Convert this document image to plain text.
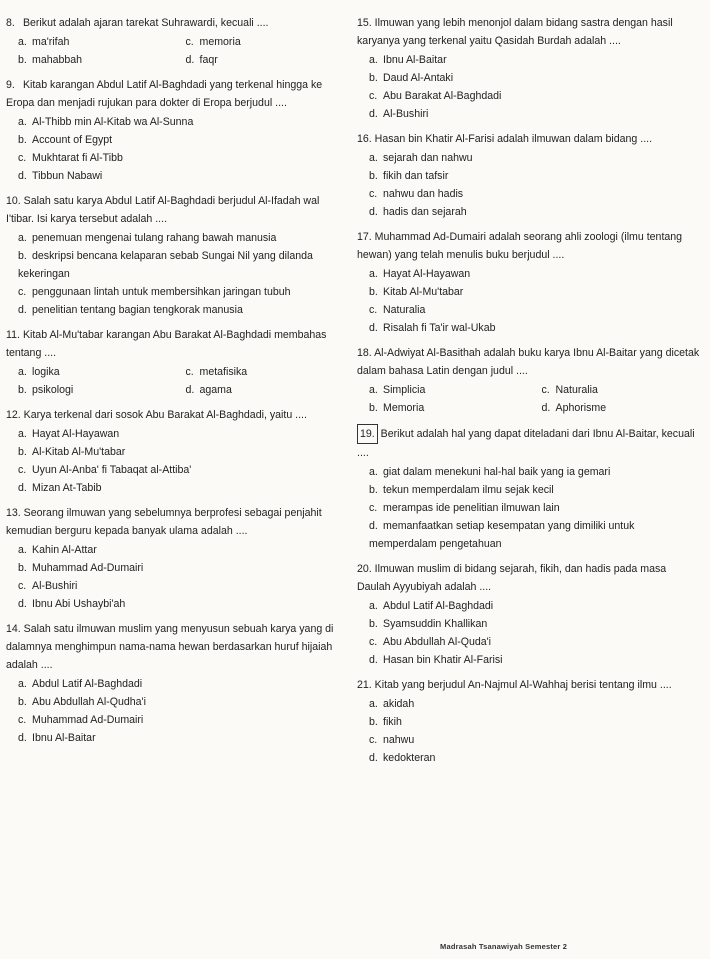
8. Berikut adalah ajaran tarekat Suhrawardi, kecuali ....
a. ma'rifah	c. memoria
b. mahabbah	d. faqr
9. Kitab karangan Abdul Latif Al-Baghdadi yang terkenal hingga ke Eropa dan menjadi rujukan para dokter di Eropa berjudul ....
a. Al-Thibb min Al-Kitab wa Al-Sunna
b. Account of Egypt
c. Mukhtarat fi Al-Tibb
d. Tibbun Nabawi
10. Salah satu karya Abdul Latif Al-Baghdadi berjudul Al-Ifadah wal I'tibar. Isi karya tersebut adalah ....
a. penemuan mengenai tulang rahang bawah manusia
b. deskripsi bencana kelaparan sebab Sungai Nil yang dilanda kekeringan
c. penggunaan lintah untuk membersihkan jaringan tubuh
d. penelitian tentang bagian tengkorak manusia
11. Kitab Al-Mu'tabar karangan Abu Barakat Al-Baghdadi membahas tentang ....
a. logika	c. metafisika
b. psikologi	d. agama
12. Karya terkenal dari sosok Abu Barakat Al-Baghdadi, yaitu ....
a. Hayat Al-Hayawan
b. Al-Kitab Al-Mu'tabar
c. Uyun Al-Anba' fi Tabaqat al-Attiba'
d. Mizan At-Tabib
13. Seorang ilmuwan yang sebelumnya berprofesi sebagai penjahit kemudian berguru kepada banyak ulama adalah ....
a. Kahin Al-Attar
b. Muhammad Ad-Dumairi
c. Al-Bushiri
d. Ibnu Abi Ushaybi'ah
14. Salah satu ilmuwan muslim yang menyusun sebuah karya yang di dalamnya menghimpun nama-nama hewan berdasarkan huruf hijaiah adalah ....
a. Abdul Latif Al-Baghdadi
b. Abu Abdullah Al-Qudha'i
c. Muhammad Ad-Dumairi
d. Ibnu Al-Baitar
15. Ilmuwan yang lebih menonjol dalam bidang sastra dengan hasil karyanya yang terkenal yaitu Qasidah Burdah adalah ....
a. Ibnu Al-Baitar
b. Daud Al-Antaki
c. Abu Barakat Al-Baghdadi
d. Al-Bushiri
16. Hasan bin Khatir Al-Farisi adalah ilmuwan dalam bidang ....
a. sejarah dan nahwu
b. fikih dan tafsir
c. nahwu dan hadis
d. hadis dan sejarah
17. Muhammad Ad-Dumairi adalah seorang ahli zoologi (ilmu tentang hewan) yang telah menulis buku berjudul ....
a. Hayat Al-Hayawan
b. Kitab Al-Mu'tabar
c. Naturalia
d. Risalah fi Ta'ir wal-Ukab
18. Al-Adwiyat Al-Basithah adalah buku karya Ibnu Al-Baitar yang dicetak dalam bahasa Latin dengan judul ....
a. Simplicia	c. Naturalia
b. Memoria	d. Aphorisme
19. Berikut adalah hal yang dapat diteladani dari Ibnu Al-Baitar, kecuali ....
a. giat dalam menekuni hal-hal baik yang ia gemari
b. tekun memperdalam ilmu sejak kecil
c. merampas ide penelitian ilmuwan lain
d. memanfaatkan setiap kesempatan yang dimiliki untuk memperdalam pengetahuan
20. Ilmuwan muslim di bidang sejarah, fikih, dan hadis pada masa Daulah Ayyubiyah adalah ....
a. Abdul Latif Al-Baghdadi
b. Syamsuddin Khallikan
c. Abu Abdullah Al-Quda'i
d. Hasan bin Khatir Al-Farisi
21. Kitab yang berjudul An-Najmul Al-Wahhaj berisi tentang ilmu ....
a. akidah
b. fikih
c. nahwu
d. kedokteran
Madrasah Tsanawiyah Semester 2
